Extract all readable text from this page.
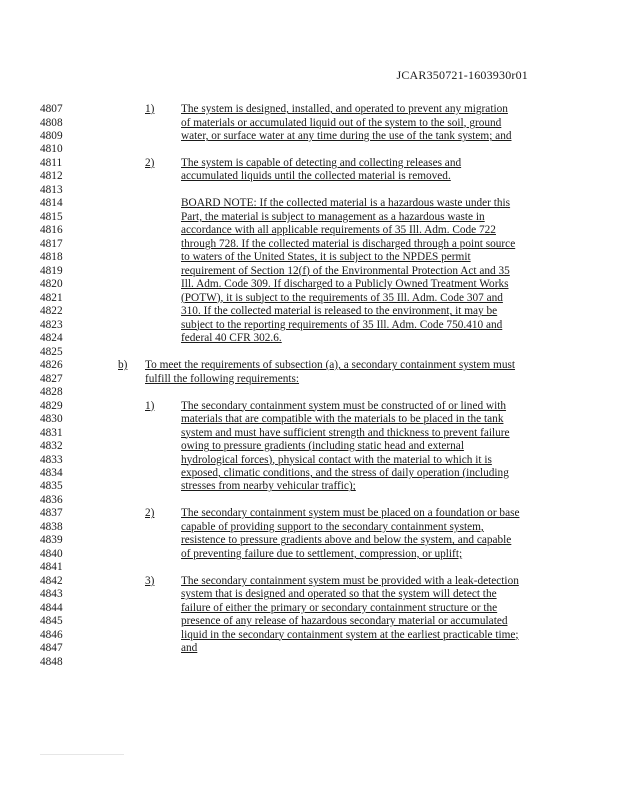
JCAR350721-1603930r01
4807	1) The system is designed, installed, and operated to prevent any migration
4808	of materials or accumulated liquid out of the system to the soil, ground
4809	water, or surface water at any time during the use of the tank system; and
4810
4811	2) The system is capable of detecting and collecting releases and
4812	accumulated liquids until the collected material is removed.
4813
4814	BOARD NOTE: If the collected material is a hazardous waste under this
4815	Part, the material is subject to management as a hazardous waste in
4816	accordance with all applicable requirements of 35 Ill. Adm. Code 722
4817	through 728. If the collected material is discharged through a point source
4818	to waters of the United States, it is subject to the NPDES permit
4819	requirement of Section 12(f) of the Environmental Protection Act and 35
4820	Ill. Adm. Code 309. If discharged to a Publicly Owned Treatment Works
4821	(POTW), it is subject to the requirements of 35 Ill. Adm. Code 307 and
4822	310. If the collected material is released to the environment, it may be
4823	subject to the reporting requirements of 35 Ill. Adm. Code 750.410 and
4824	federal 40 CFR 302.6.
4825
4826	b) To meet the requirements of subsection (a), a secondary containment system must
4827	fulfill the following requirements:
4828
4829	1) The secondary containment system must be constructed of or lined with
4830	materials that are compatible with the materials to be placed in the tank
4831	system and must have sufficient strength and thickness to prevent failure
4832	owing to pressure gradients (including static head and external
4833	hydrological forces), physical contact with the material to which it is
4834	exposed, climatic conditions, and the stress of daily operation (including
4835	stresses from nearby vehicular traffic);
4836
4837	2) The secondary containment system must be placed on a foundation or base
4838	capable of providing support to the secondary containment system,
4839	resistence to pressure gradients above and below the system, and capable
4840	of preventing failure due to settlement, compression, or uplift;
4841
4842	3) The secondary containment system must be provided with a leak-detection
4843	system that is designed and operated so that the system will detect the
4844	failure of either the primary or secondary containment structure or the
4845	presence of any release of hazardous secondary material or accumulated
4846	liquid in the secondary containment system at the earliest practicable time;
4847	and
4848
